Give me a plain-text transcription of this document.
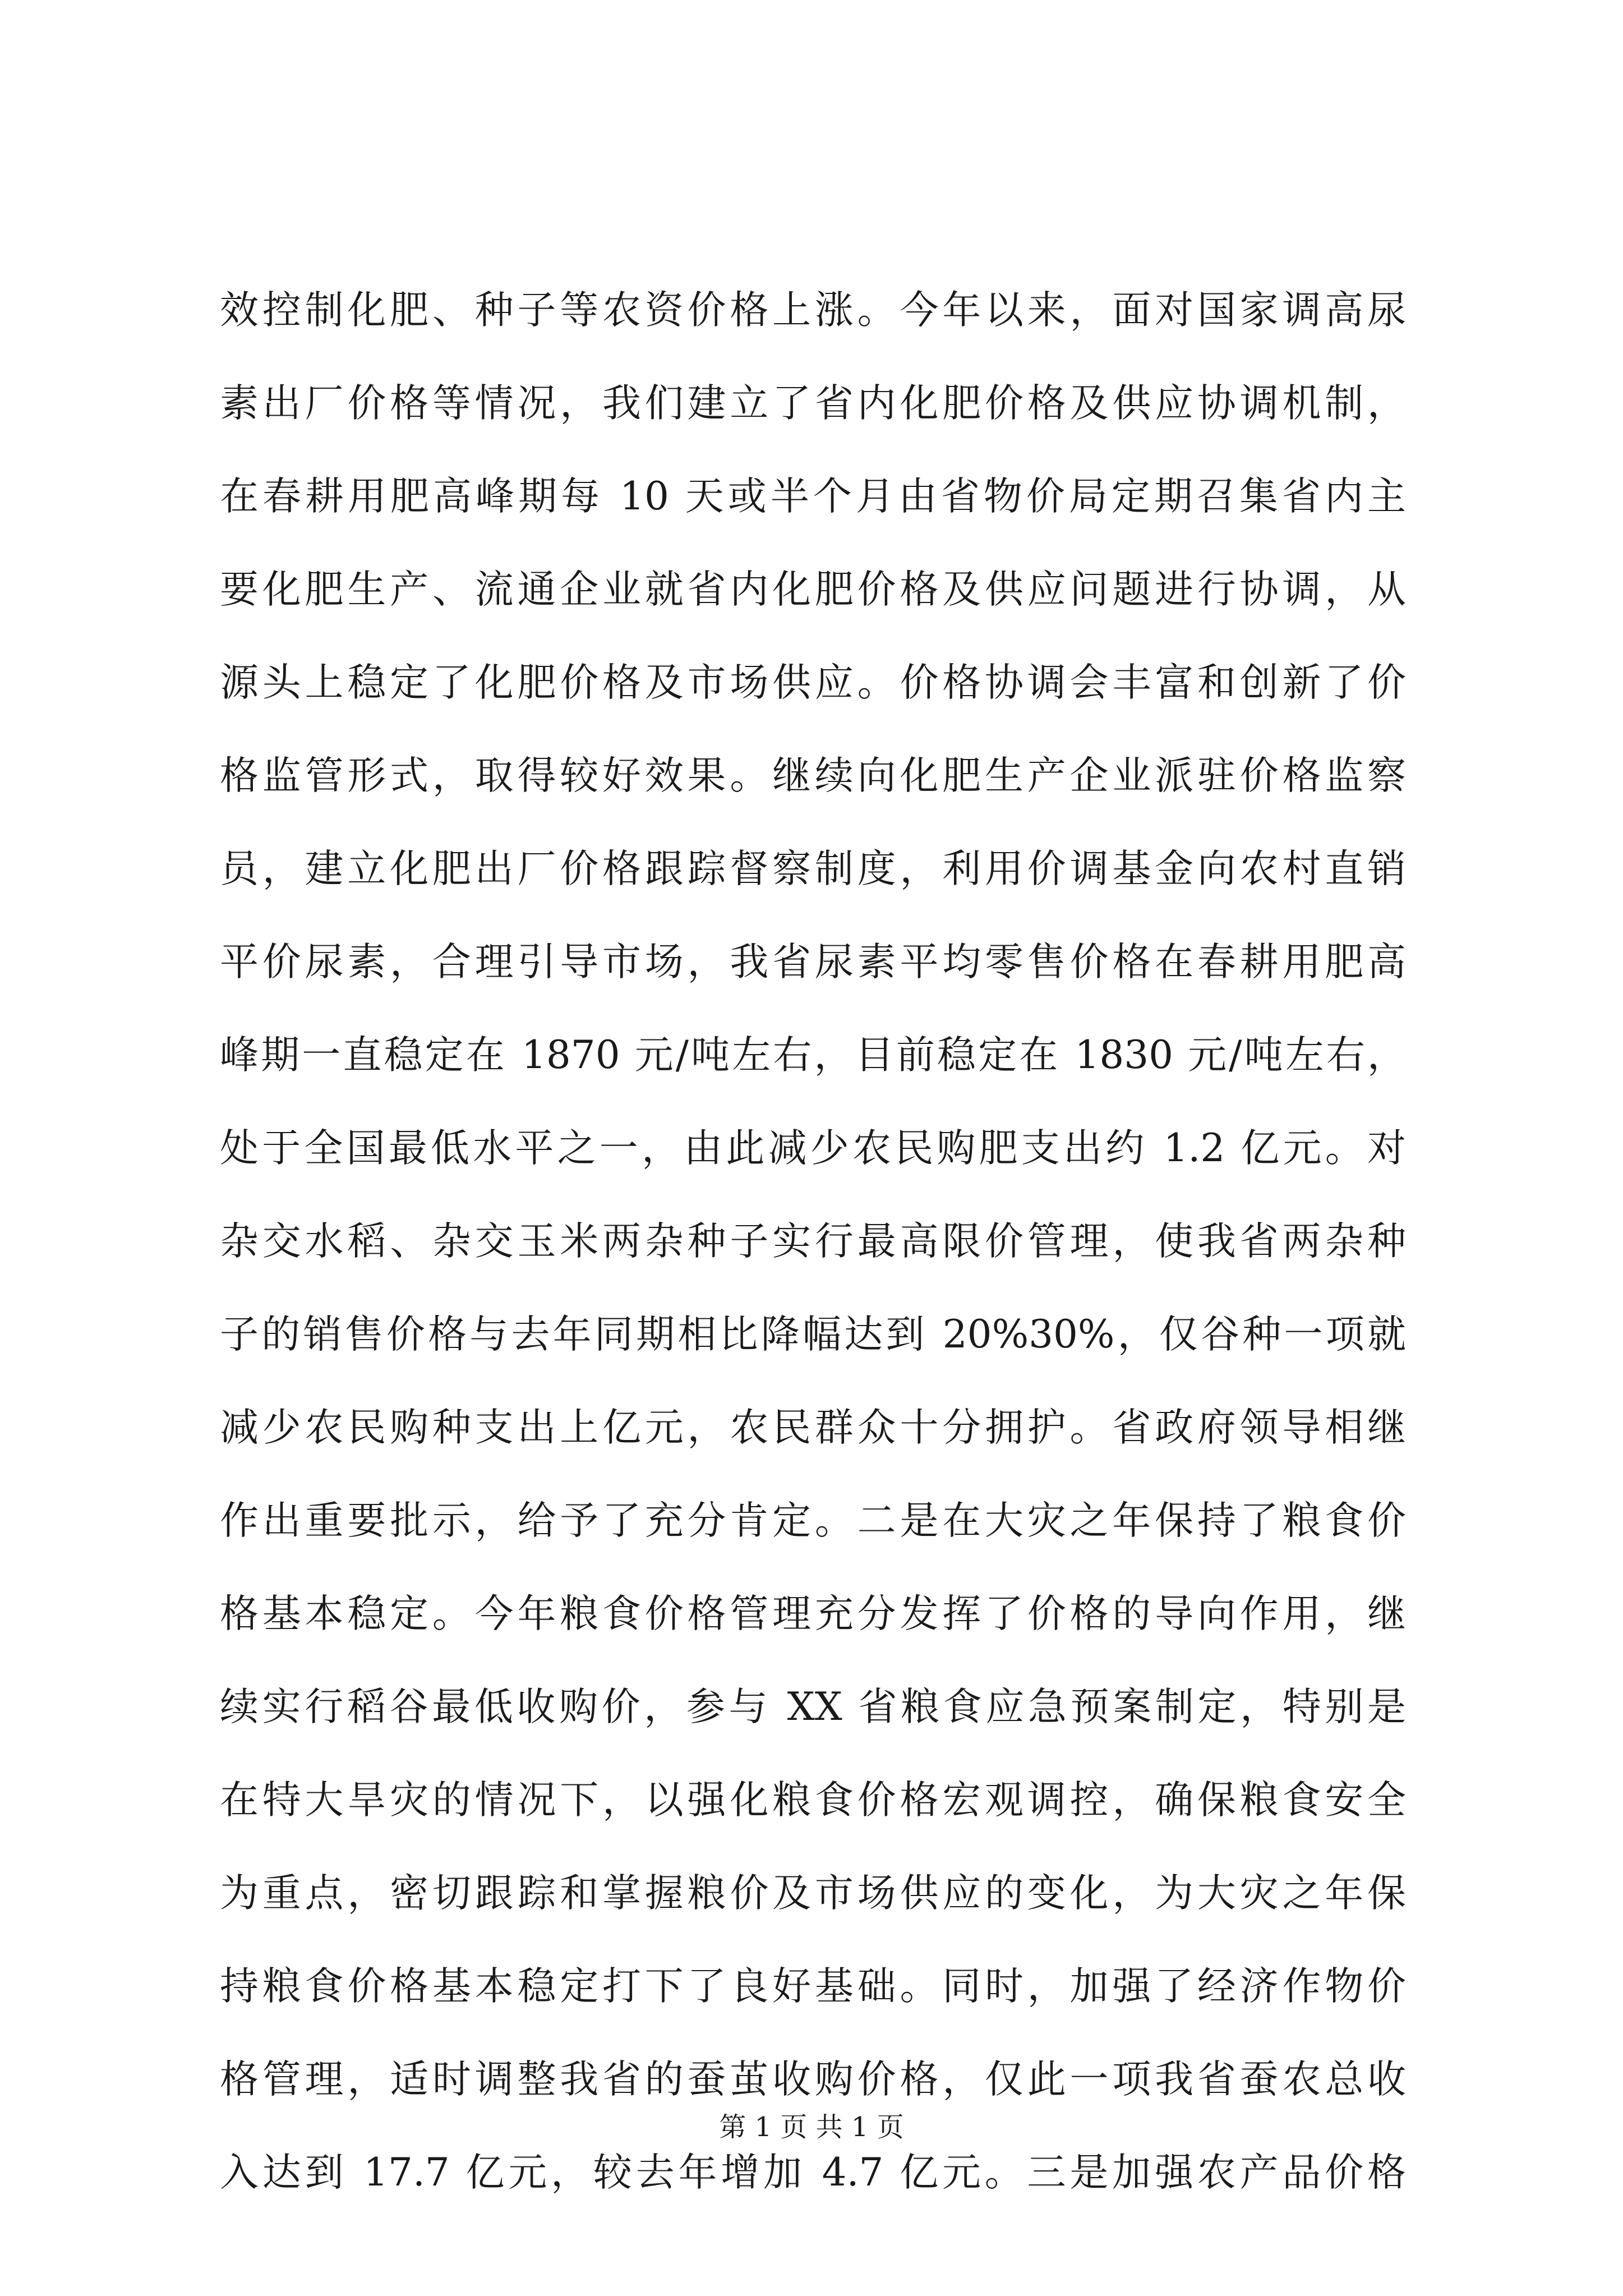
效控制化肥、种子等农资价格上涨。今年以来，面对国家调高尿
素出厂价格等情况，我们建立了省内化肥价格及供应协调机制，
在春耕用肥高峰期每 10 天或半个月由省物价局定期召集省内主
要化肥生产、流通企业就省内化肥价格及供应问题进行协调，从
源头上稳定了化肥价格及市场供应。价格协调会丰富和创新了价
格监管形式，取得较好效果。继续向化肥生产企业派驻价格监察
员，建立化肥出厂价格跟踪督察制度，利用价调基金向农村直销
平价尿素，合理引导市场，我省尿素平均零售价格在春耕用肥高
峰期一直稳定在 1870 元/吨左右，目前稳定在 1830 元/吨左右，
处于全国最低水平之一，由此减少农民购肥支出约 1.2 亿元。对
杂交水稻、杂交玉米两杂种子实行最高限价管理，使我省两杂种
子的销售价格与去年同期相比降幅达到 20%30%，仅谷种一项就
减少农民购种支出上亿元，农民群众十分拥护。省政府领导相继
作出重要批示，给予了充分肯定。二是在大灾之年保持了粮食价
格基本稳定。今年粮食价格管理充分发挥了价格的导向作用，继
续实行稻谷最低收购价，参与 XX 省粮食应急预案制定，特别是
在特大旱灾的情况下，以强化粮食价格宏观调控，确保粮食安全
为重点，密切跟踪和掌握粮价及市场供应的变化，为大灾之年保
持粮食价格基本稳定打下了良好基础。同时，加强了经济作物价
格管理，适时调整我省的蚕茧收购价格，仅此一项我省蚕农总收
入达到 17.7 亿元，较去年增加 4.7 亿元。三是加强农产品价格
第 1 页 共 1 页
